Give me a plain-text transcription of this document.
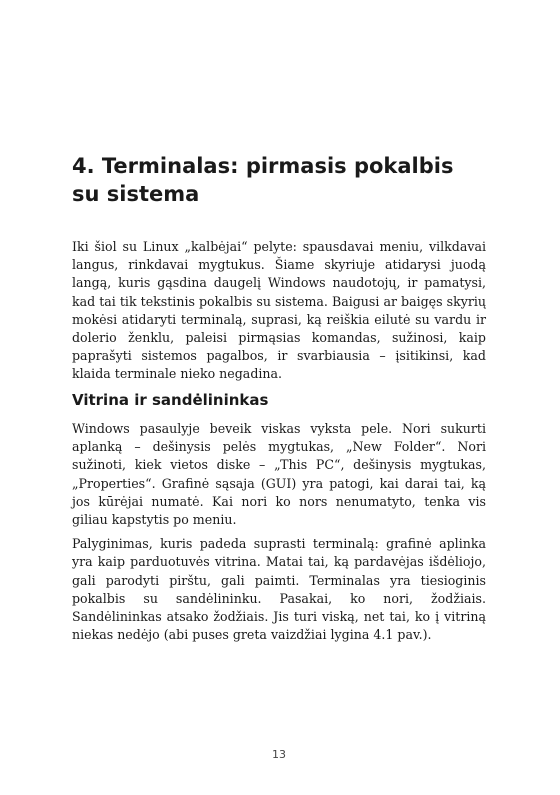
4. Terminalas: pirmasis pokalbis su sistema

Iki šiol su Linux „kalbėjai“ pelyte: spausdavai meniu, vilkdavai langus, rinkdavai mygtukus. Šiame skyriuje atidarysi juodą langą, kuris gąsdina daugelį Windows naudotojų, ir pamatysi, kad tai tik tekstinis pokalbis su sistema. Baigusi ar baigęs skyrių mokėsi atidaryti terminalą, suprasi, ką reiškia eilutė su vardu ir dolerio ženklu, paleisi pirmąsias komandas, sužinosi, kaip paprašyti sistemos pagalbos, ir svarbiausia – įsitikinsi, kad klaida terminale nieko negadina.

Vitrina ir sandėlininkas

Windows pasaulyje beveik viskas vyksta pele. Nori sukurti aplanką – dešinysis pelės mygtukas, „New Folder“. Nori sužinoti, kiek vietos diske – „This PC“, dešinysis mygtukas, „Properties“. Grafinė sąsaja (GUI) yra patogi, kai darai tai, ką jos kūrėjai numatė. Kai nori ko nors nenumatyto, tenka vis giliau kapstytis po meniu.

Palyginimas, kuris padeda suprasti terminalą: grafinė aplinka yra kaip parduotuvės vitrina. Matai tai, ką pardavėjas išdėliojo, gali parodyti pirštu, gali paimti. Terminalas yra tiesioginis pokalbis su sandėlininku. Pasakai, ko nori, žodžiais. Sandėlininkas atsako žodžiais. Jis turi viską, net tai, ko į vitriną niekas nedėjo (abi puses greta vaizdžiai lygina 4.1 pav.).

13
